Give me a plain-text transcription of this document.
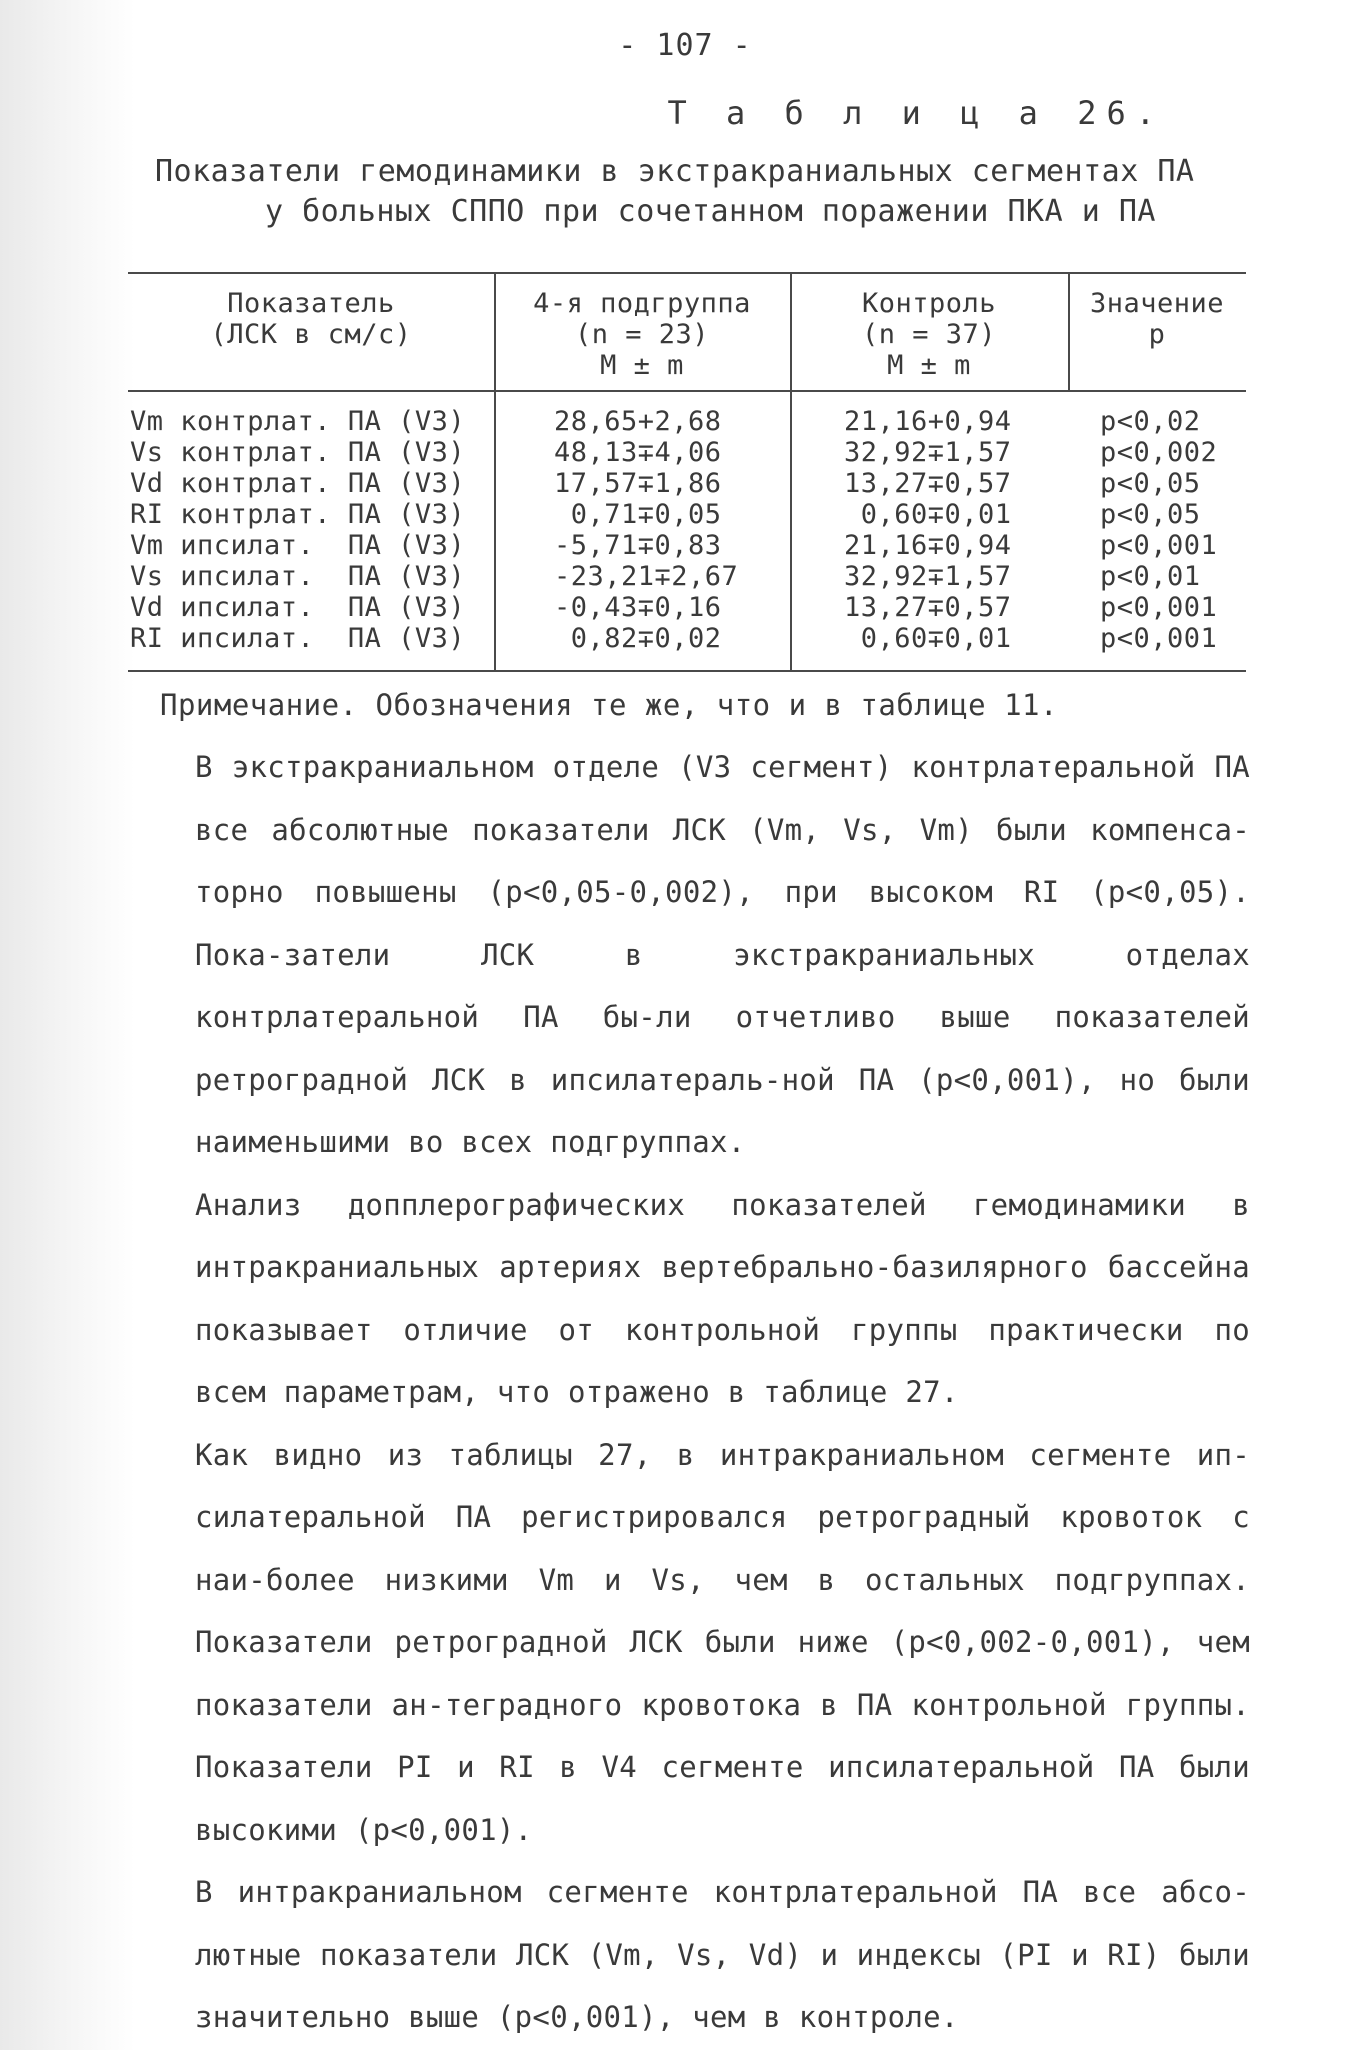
- 107 -
Т а б л и ц а 26.
Показатели гемодинамики в экстракраниальных сегментах ПА
у больных СППО при сочетанном поражении ПКА и ПА
Показатель
(ЛСК в см/с)
4-я подгруппа
(n = 23)
M ± m
Контроль
(n = 37)
M ± m
Значение
p
Vm контрлат. ПА (V3)
Vs контрлат. ПА (V3)
Vd контрлат. ПА (V3)
RI контрлат. ПА (V3)
Vm ипсилат.  ПА (V3)
Vs ипсилат.  ПА (V3)
Vd ипсилат.  ПА (V3)
RI ипсилат.  ПА (V3)
28,65+2,68
48,13∓4,06
17,57∓1,86
0,71∓0,05
-5,71∓0,83
-23,21∓2,67
-0,43∓0,16
0,82∓0,02
21,16+0,94
32,92∓1,57
13,27∓0,57
0,60∓0,01
21,16∓0,94
32,92∓1,57
13,27∓0,57
0,60∓0,01
p<0,02
p<0,002
p<0,05
p<0,05
p<0,001
p<0,01
p<0,001
p<0,001
Примечание. Обозначения те же, что и в таблице 11.

В экстракраниальном отделе (V3 сегмент) контрлатеральной ПА все абсолютные показатели ЛСК (Vm, Vs, Vm) были компенса-торно повышены (p<0,05-0,002), при высоком RI (p<0,05). Пока-затели ЛСК в экстракраниальных отделах контрлатеральной ПА бы-ли отчетливо выше показателей ретроградной ЛСК в ипсилатераль-ной ПА (p<0,001), но были наименьшими во всех подгруппах.

Анализ допплерографических показателей гемодинамики в интракраниальных артериях вертебрально-базилярного бассейна показывает отличие от контрольной группы практически по всем параметрам, что отражено в таблице 27.

Как видно из таблицы 27, в интракраниальном сегменте ип-силатеральной ПА регистрировался ретроградный кровоток с наи-более низкими Vm и Vs, чем в остальных подгруппах. Показатели ретроградной ЛСК были ниже (p<0,002-0,001), чем показатели ан-теградного кровотока в ПА контрольной группы. Показатели PI и RI в V4 сегменте ипсилатеральной ПА были высокими (p<0,001).

В интракраниальном сегменте контрлатеральной ПА все абсо-лютные показатели ЛСК (Vm, Vs, Vd) и индексы (PI и RI) были значительно выше (p<0,001), чем в контроле.
